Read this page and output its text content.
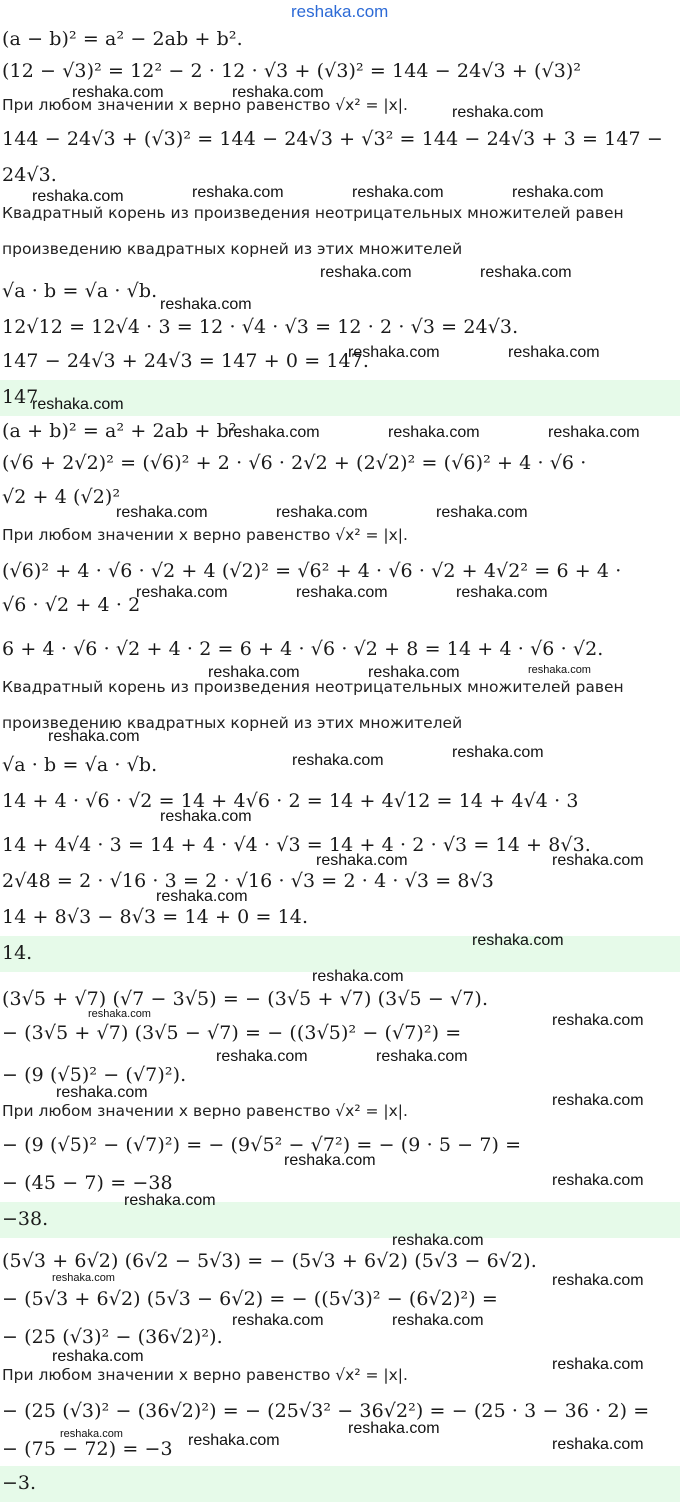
reshaka.com
(a − b)² = a² − 2ab + b².
(12 − √3)² = 12² − 2 · 12 · √3 + (√3)² = 144 − 24√3 + (√3)²
При любом значении x верно равенство √x² = |x|.
144 − 24√3 + (√3)² = 144 − 24√3 + √3² = 144 − 24√3 + 3 = 147 −
24√3.
Квадратный корень из произведения неотрицательных множителей равен
произведению квадратных корней из этих множителей
√a · b = √a · √b.
12√12 = 12√4 · 3 = 12 · √4 · √3 = 12 · 2 · √3 = 24√3.
147 − 24√3 + 24√3 = 147 + 0 = 147.
147
(a + b)² = a² + 2ab + b².
(√6 + 2√2)² = (√6)² + 2 · √6 · 2√2 + (2√2)² = (√6)² + 4 · √6 ·
√2 + 4 (√2)²
При любом значении x верно равенство √x² = |x|.
(√6)² + 4 · √6 · √2 + 4 (√2)² = √6² + 4 · √6 · √2 + 4√2² = 6 + 4 ·
√6 · √2 + 4 · 2
6 + 4 · √6 · √2 + 4 · 2 = 6 + 4 · √6 · √2 + 8 = 14 + 4 · √6 · √2.
Квадратный корень из произведения неотрицательных множителей равен
произведению квадратных корней из этих множителей
√a · b = √a · √b.
14 + 4 · √6 · √2 = 14 + 4√6 · 2 = 14 + 4√12 = 14 + 4√4 · 3
14 + 4√4 · 3 = 14 + 4 · √4 · √3 = 14 + 4 · 2 · √3 = 14 + 8√3.
2√48 = 2 · √16 · 3 = 2 · √16 · √3 = 2 · 4 · √3 = 8√3
14 + 8√3 − 8√3 = 14 + 0 = 14.
14.
(3√5 + √7) (√7 − 3√5) = − (3√5 + √7) (3√5 − √7).
− (3√5 + √7) (3√5 − √7) = − ((3√5)² − (√7)²) =
− (9 (√5)² − (√7)²).
При любом значении x верно равенство √x² = |x|.
− (9 (√5)² − (√7)²) = − (9√5² − √7²) = − (9 · 5 − 7) =
− (45 − 7) = −38
−38.
(5√3 + 6√2) (6√2 − 5√3) = − (5√3 + 6√2) (5√3 − 6√2).
− (5√3 + 6√2) (5√3 − 6√2) = − ((5√3)² − (6√2)²) =
− (25 (√3)² − (36√2)²).
При любом значении x верно равенство √x² = |x|.
− (25 (√3)² − (36√2)²) = − (25√3² − 36√2²) = − (25 · 3 − 36 · 2) =
− (75 − 72) = −3
−3.
reshaka.com	reshaka.com
reshaka.com
reshaka.com	reshaka.com	reshaka.com	reshaka.com
reshaka.com	reshaka.com
reshaka.com
reshaka.com	reshaka.com
reshaka.com
reshaka.com	reshaka.com	reshaka.com
reshaka.com	reshaka.com	reshaka.com
reshaka.com	reshaka.com	reshaka.com
reshaka.com	reshaka.com	reshaka.com
reshaka.com
reshaka.com
reshaka.com
reshaka.com
reshaka.com	reshaka.com
reshaka.com
reshaka.com
reshaka.com
reshaka.com	reshaka.com
reshaka.com	reshaka.com
reshaka.com	reshaka.com
reshaka.com
reshaka.com
reshaka.com
reshaka.com
reshaka.com	reshaka.com
reshaka.com	reshaka.com
reshaka.com	reshaka.com
reshaka.com
reshaka.com	reshaka.com	reshaka.com
